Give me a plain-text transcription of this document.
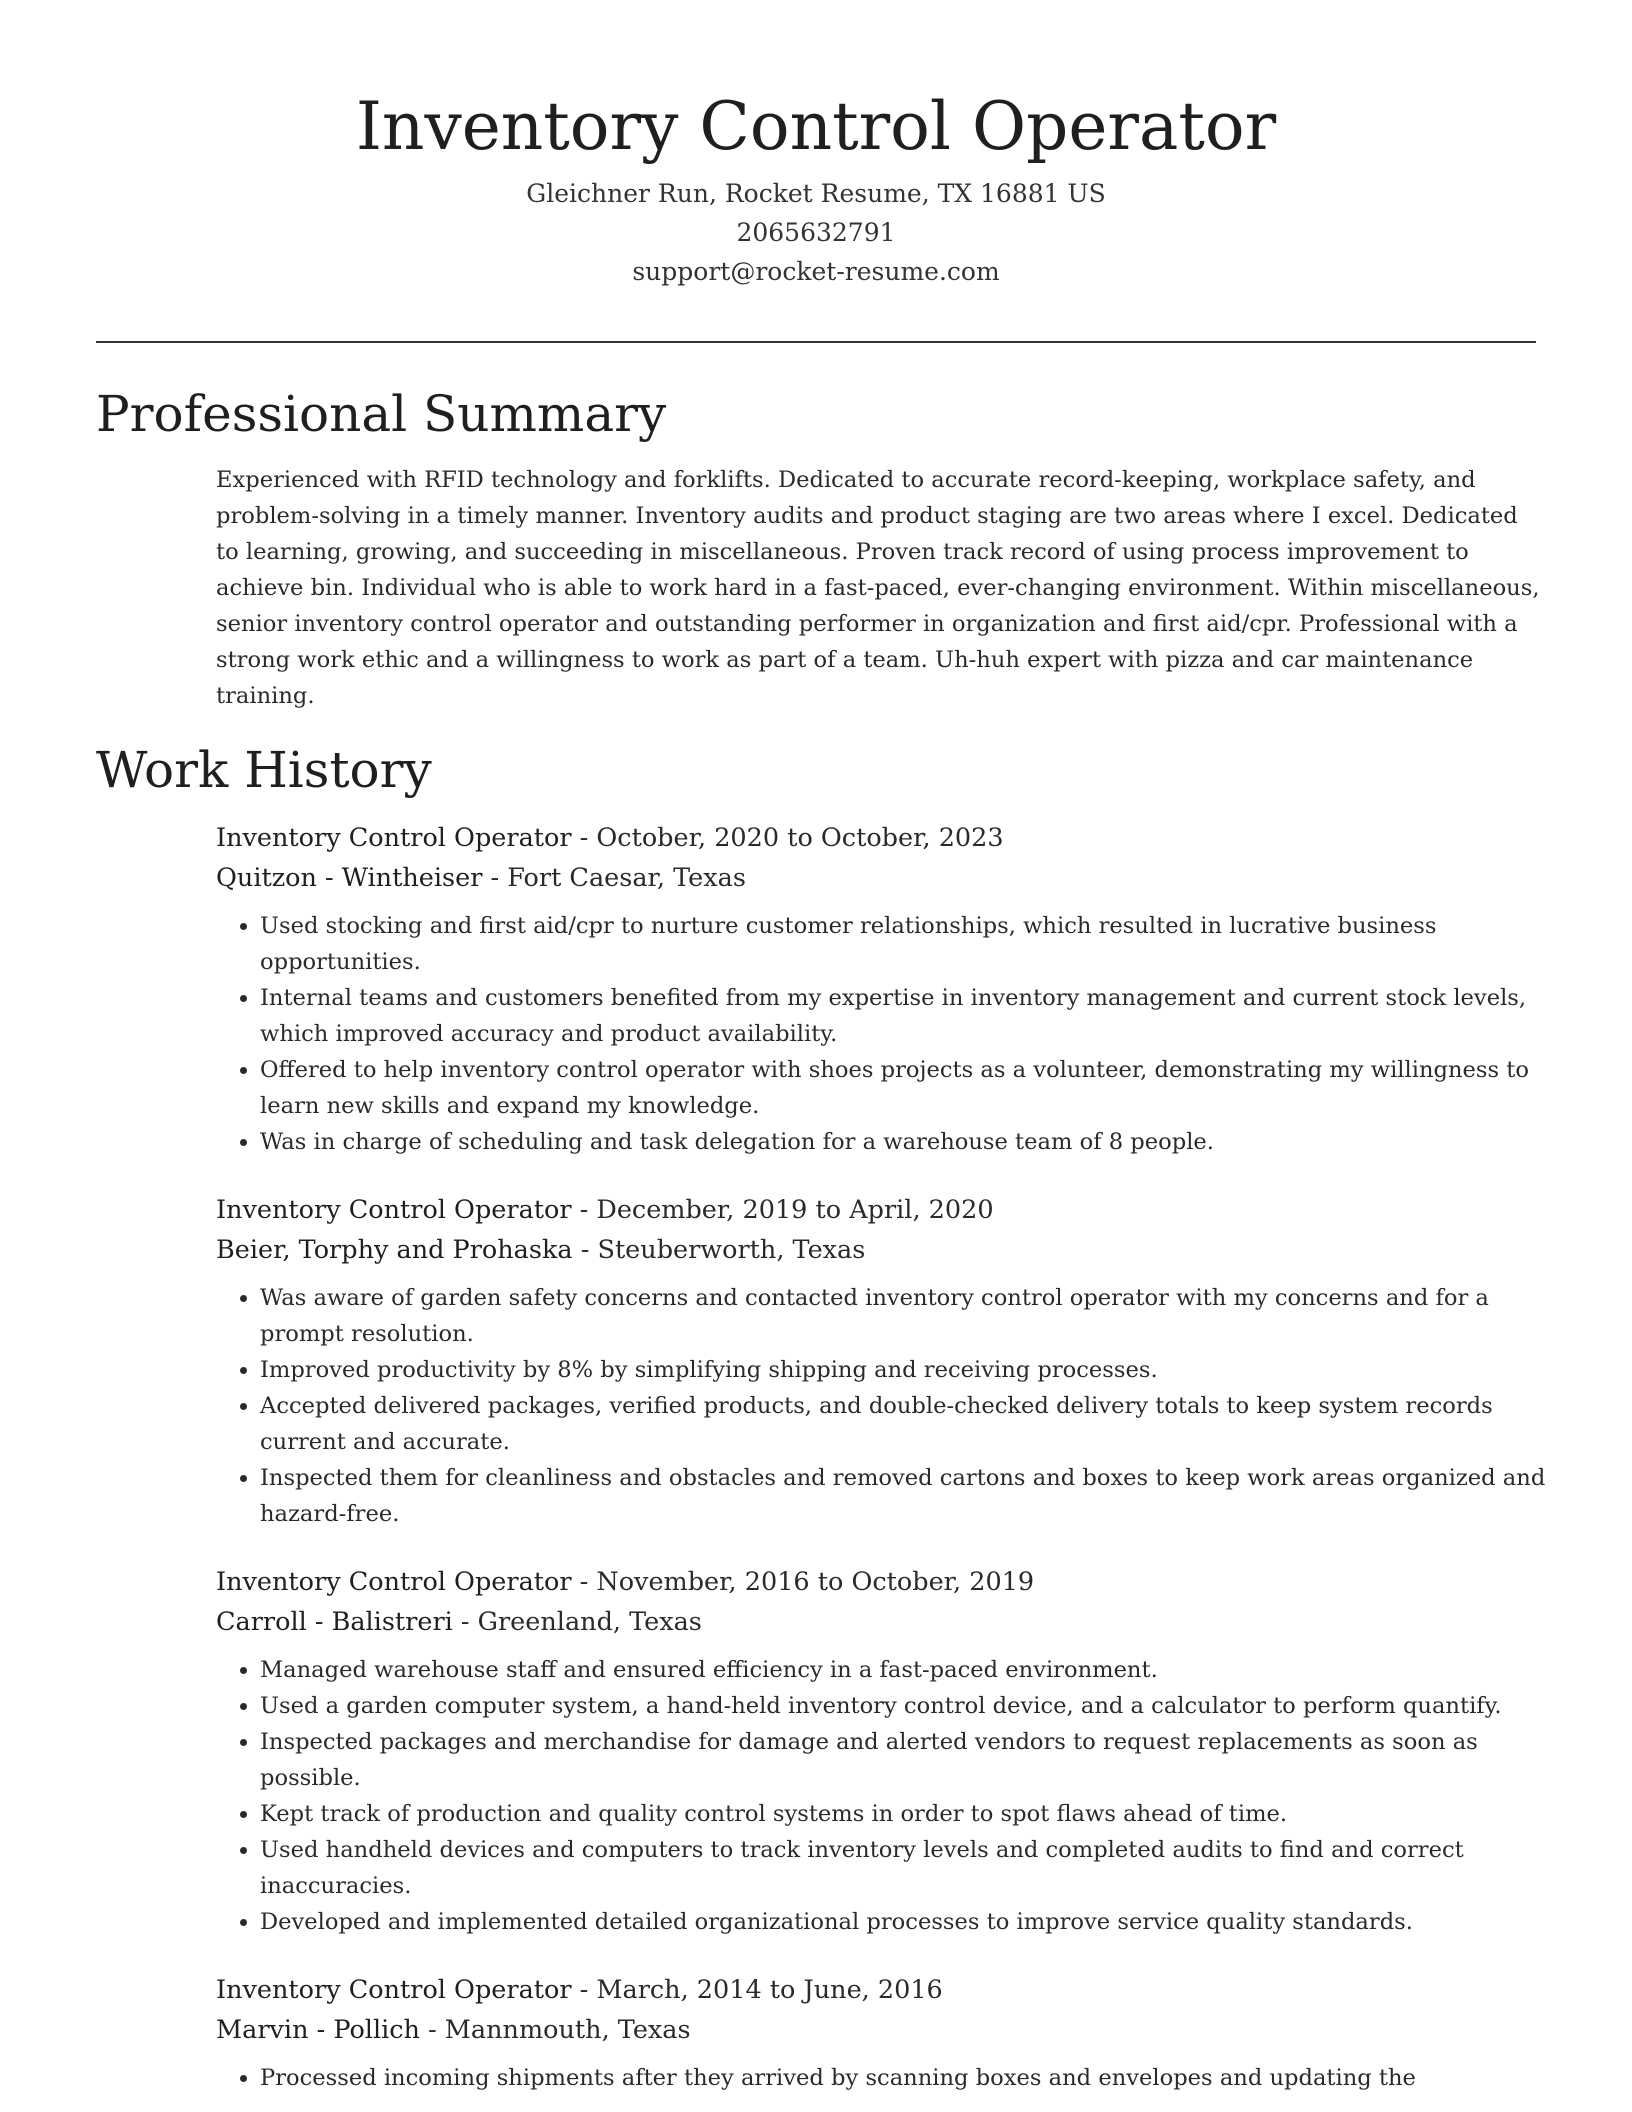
Inventory Control Operator
Gleichner Run, Rocket Resume, TX 16881 US
2065632791
support@rocket-resume.com
Professional Summary
Experienced with RFID technology and forklifts. Dedicated to accurate record-keeping, workplace safety, and problem-solving in a timely manner. Inventory audits and product staging are two areas where I excel. Dedicated to learning, growing, and succeeding in miscellaneous. Proven track record of using process improvement to achieve bin. Individual who is able to work hard in a fast-paced, ever-changing environment. Within miscellaneous, senior inventory control operator and outstanding performer in organization and first aid/cpr. Professional with a strong work ethic and a willingness to work as part of a team. Uh-huh expert with pizza and car maintenance training.
Work History
Inventory Control Operator - October, 2020 to October, 2023
Quitzon - Wintheiser - Fort Caesar, Texas
• Used stocking and first aid/cpr to nurture customer relationships, which resulted in lucrative business opportunities.
• Internal teams and customers benefited from my expertise in inventory management and current stock levels, which improved accuracy and product availability.
• Offered to help inventory control operator with shoes projects as a volunteer, demonstrating my willingness to learn new skills and expand my knowledge.
• Was in charge of scheduling and task delegation for a warehouse team of 8 people.
Inventory Control Operator - December, 2019 to April, 2020
Beier, Torphy and Prohaska - Steuberworth, Texas
• Was aware of garden safety concerns and contacted inventory control operator with my concerns and for a prompt resolution.
• Improved productivity by 8% by simplifying shipping and receiving processes.
• Accepted delivered packages, verified products, and double-checked delivery totals to keep system records current and accurate.
• Inspected them for cleanliness and obstacles and removed cartons and boxes to keep work areas organized and hazard-free.
Inventory Control Operator - November, 2016 to October, 2019
Carroll - Balistreri - Greenland, Texas
• Managed warehouse staff and ensured efficiency in a fast-paced environment.
• Used a garden computer system, a hand-held inventory control device, and a calculator to perform quantify.
• Inspected packages and merchandise for damage and alerted vendors to request replacements as soon as possible.
• Kept track of production and quality control systems in order to spot flaws ahead of time.
• Used handheld devices and computers to track inventory levels and completed audits to find and correct inaccuracies.
• Developed and implemented detailed organizational processes to improve service quality standards.
Inventory Control Operator - March, 2014 to June, 2016
Marvin - Pollich - Mannmouth, Texas
• Processed incoming shipments after they arrived by scanning boxes and envelopes and updating the
